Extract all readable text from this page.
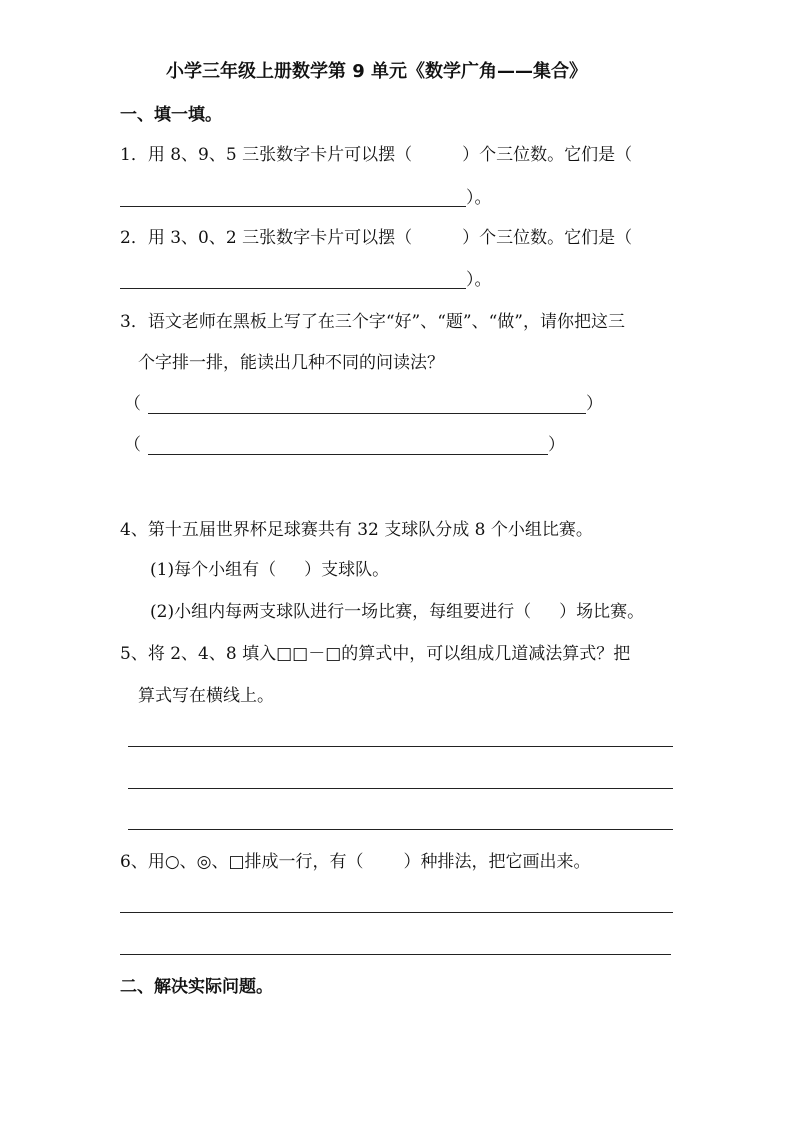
小学三年级上册数学第 9 单元《数学广角——集合》
一、填一填。
1．用 8、9、5 三张数字卡片可以摆（	）个三位数。它们是（
）。
2．用 3、0、2 三张数字卡片可以摆（	）个三位数。它们是（
）。
3．语文老师在黑板上写了在三个字“好”、“题”、“做”，请你把这三
个字排一排，能读出几种不同的问读法？
（	）
（	）
4、第十五届世界杯足球赛共有 32 支球队分成 8 个小组比赛。
(1)每个小组有（ ）支球队。
(2)小组内每两支球队进行一场比赛，每组要进行（ ）场比赛。
5、将 2、4、8 填入□□－□的算式中，可以组成几道减法算式？把
算式写在横线上。
6、用○、◎、□排成一行，有（ ）种排法，把它画出来。
二、解决实际问题。
